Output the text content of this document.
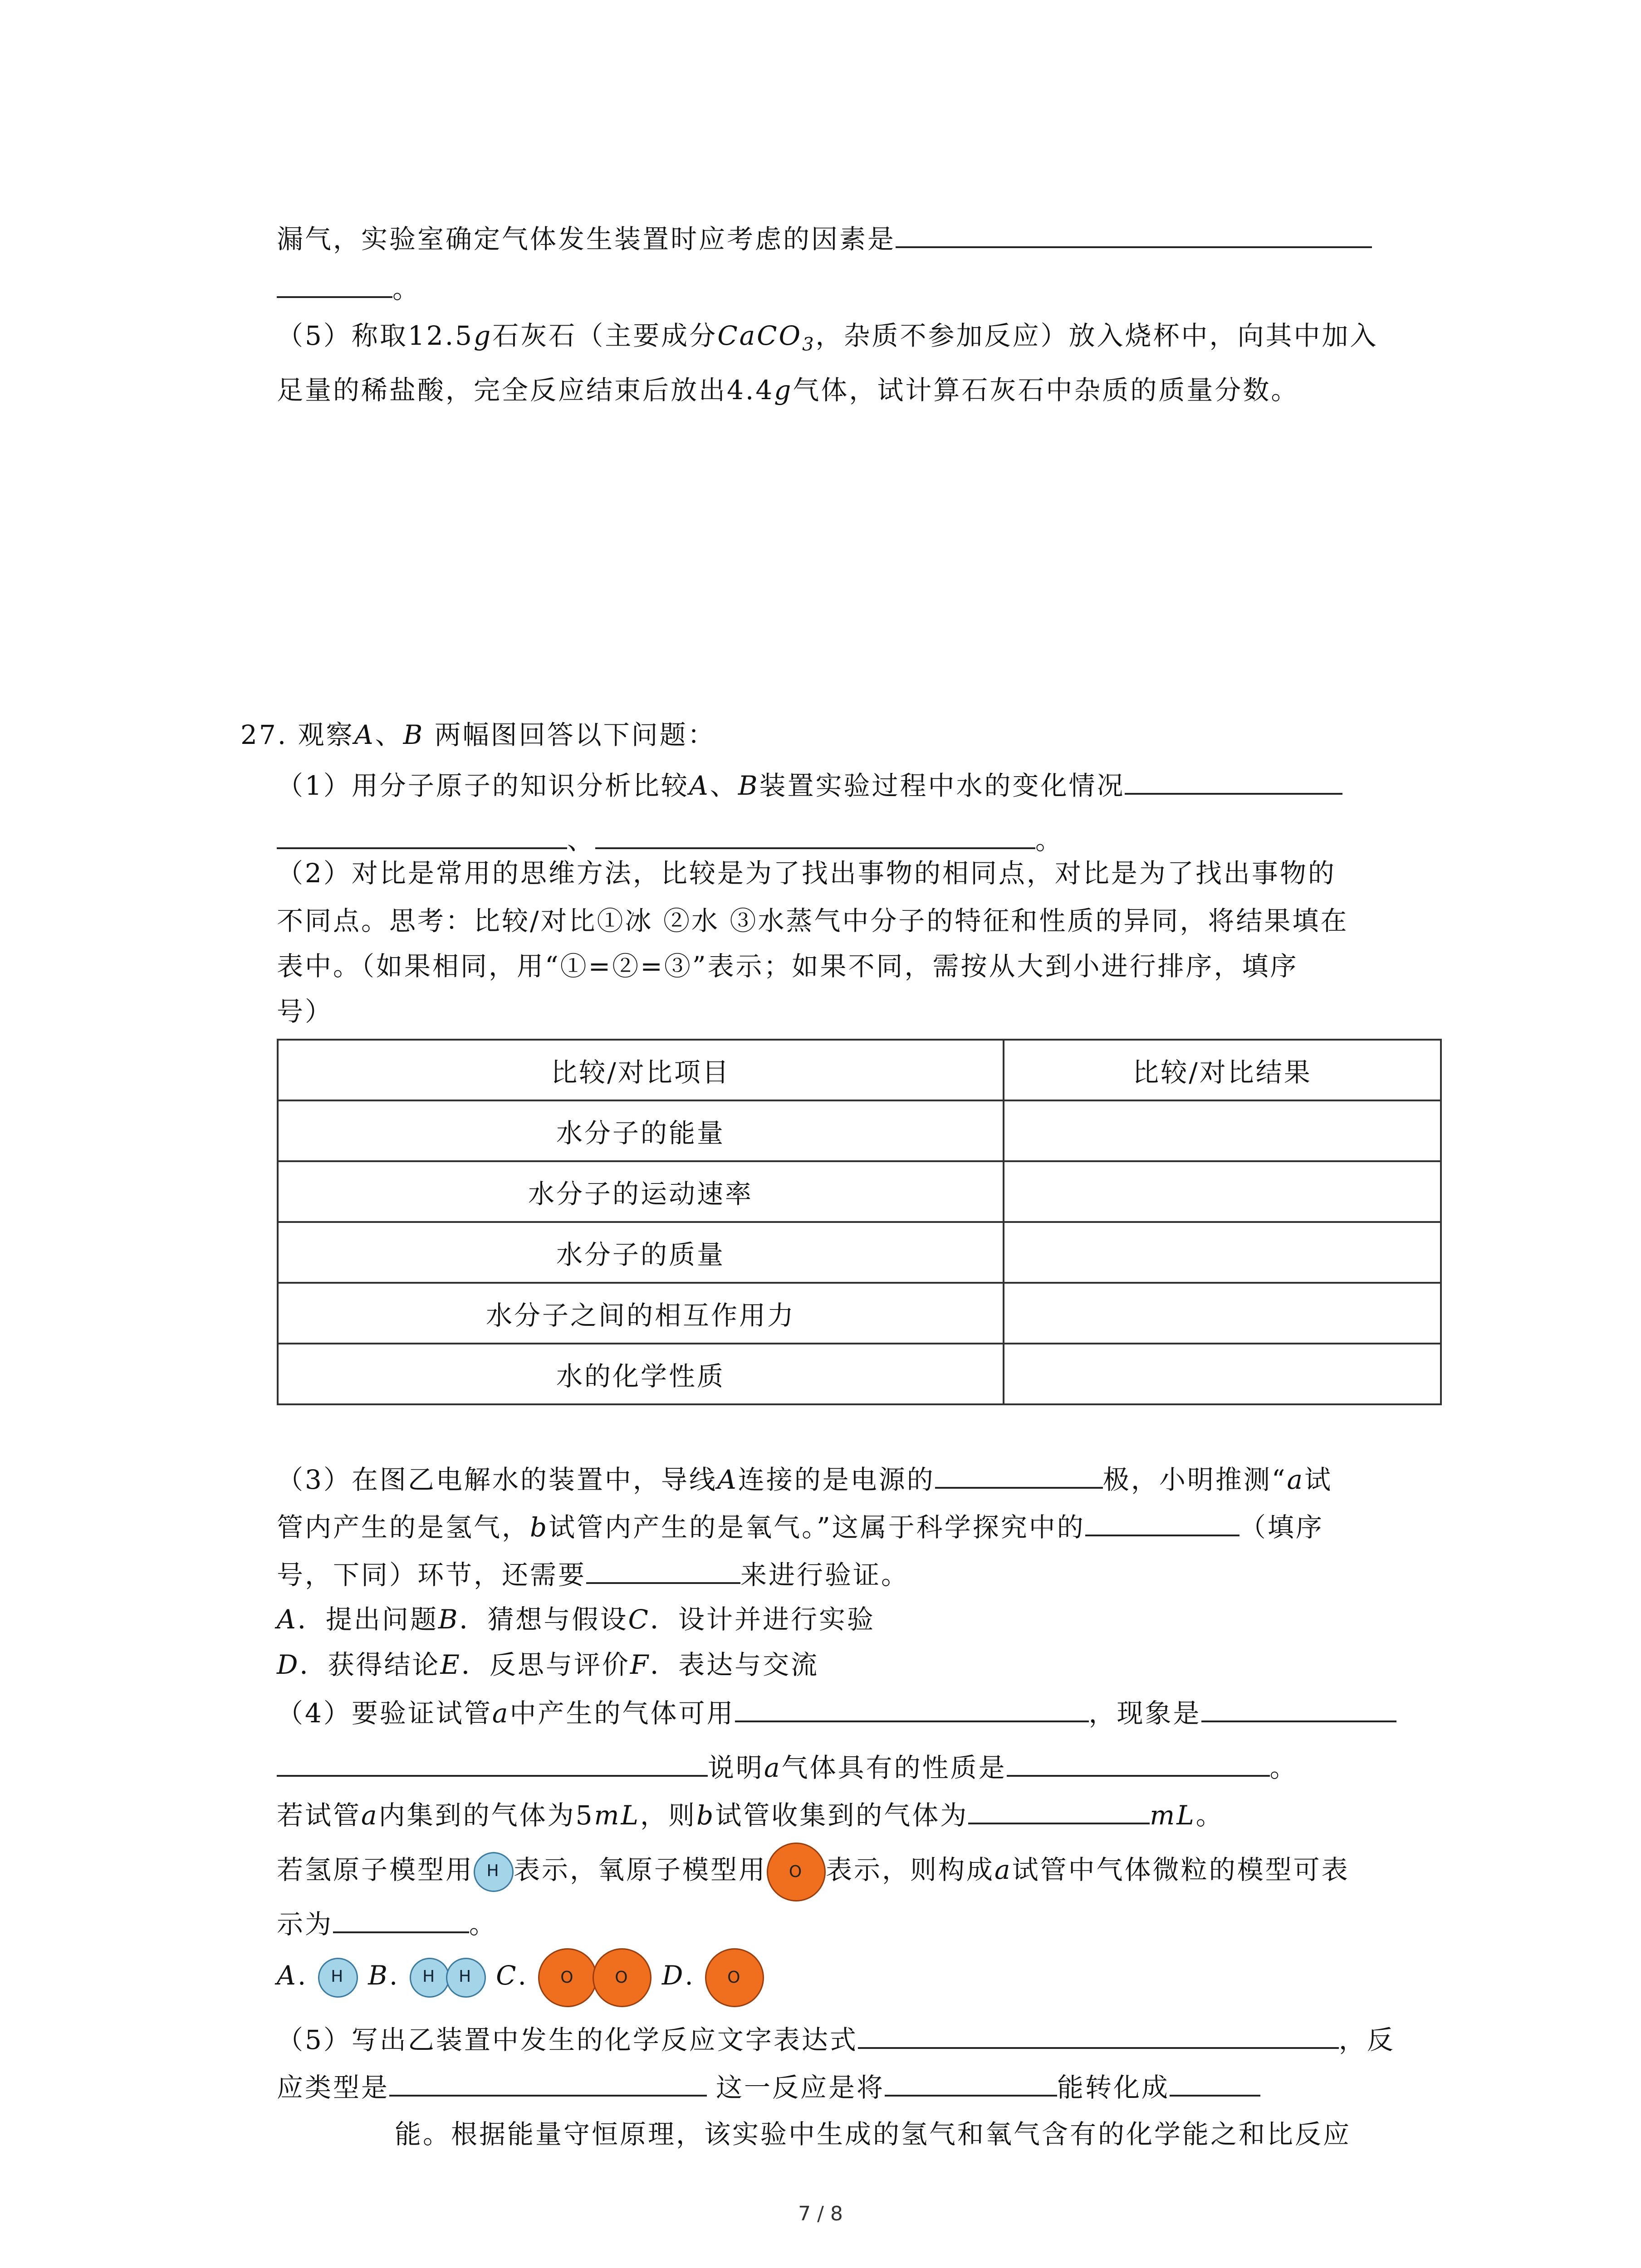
漏气，实验室确定气体发生装置时应考虑的因素是
。
（5）称取12.5g石灰石（主要成分CaCO$_3$，杂质不参加反应）放入烧杯中，向其中加入
足量的稀盐酸，完全反应结束后放出4.4g气体，试计算石灰石中杂质的质量分数。
27. 观察A、B 两幅图回答以下问题：
（1）用分子原子的知识分析比较A、B装置实验过程中水的变化情况
、	。
（2）对比是常用的思维方法，比较是为了找出事物的相同点，对比是为了找出事物的
不同点。思考：比较/对比①冰 ②水 ③水蒸气中分子的特征和性质的异同，将结果填在
表中。（如果相同，用“①=②=③”表示；如果不同，需按从大到小进行排序，填序
号）
比较/对比项目	比较/对比结果
水分子的能量	
水分子的运动速率	
水分子的质量	
水分子之间的相互作用力	
水的化学性质	
（3）在图乙电解水的装置中，导线A连接的是电源的	极，小明推测“a试
管内产生的是氢气，b试管内产生的是氧气。”这属于科学探究中的	（填序
号，下同）环节，还需要	来进行验证。
A．提出问题B．猜想与假设C．设计并进行实验
D．获得结论E．反思与评价F．表达与交流
（4）要验证试管a中产生的气体可用	，现象是
说明a气体具有的性质是	。
若试管a内集到的气体为5mL，则b试管收集到的气体为	mL。
若氢原子模型用 H 表示，氧原子模型用 O 表示，则构成a试管中气体微粒的模型可表
示为	。
A. H B. H H C. O O D. O
（5）写出乙装置中发生的化学反应文字表达式	，反
应类型是	这一反应是将	能转化成
能。根据能量守恒原理，该实验中生成的氢气和氧气含有的化学能之和比反应
7 / 8
